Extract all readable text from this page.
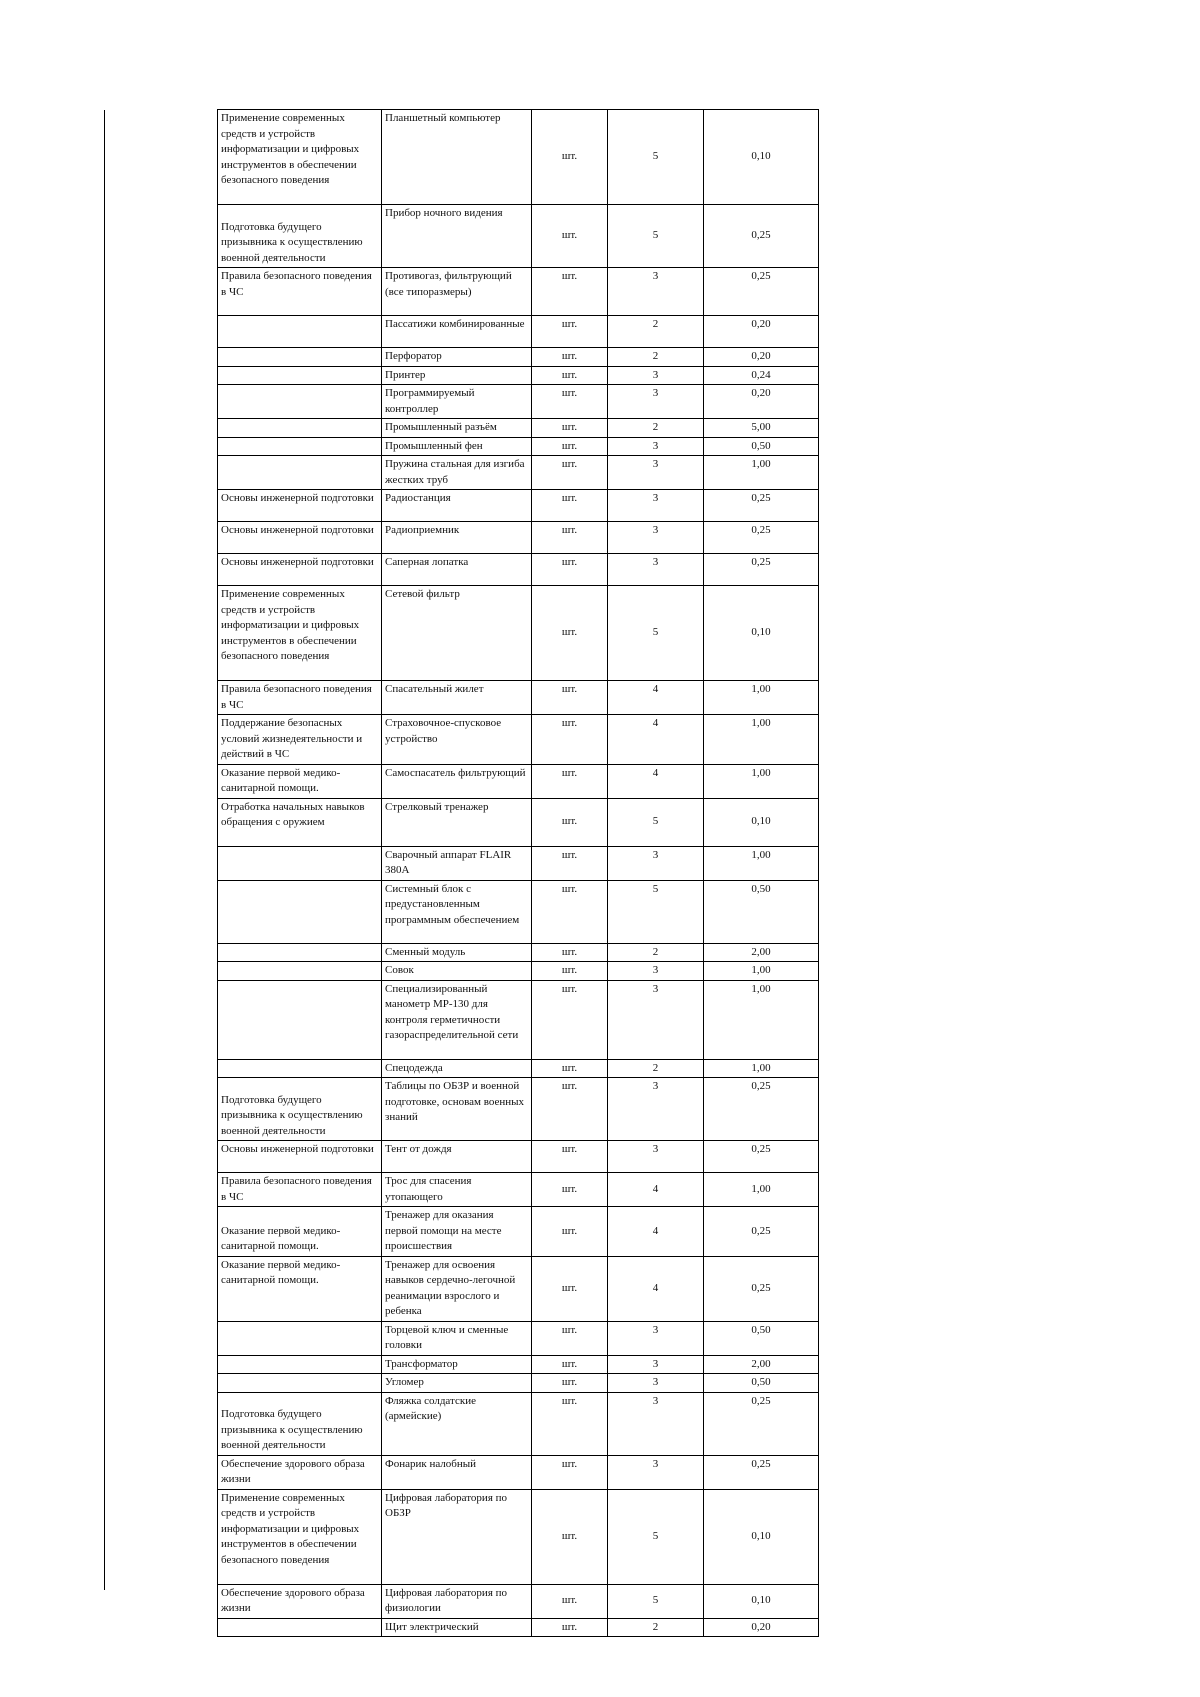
Применение современных средств и устройств информатизации и цифровых инструментов в обеспечении безопасного поведения	Планшетный компьютер	шт.	5	0,10
Подготовка будущего призывника к осуществлению военной деятельности	Прибор ночного видения	шт.	5	0,25
Правила безопасного поведения в ЧС	Противогаз, фильтрующий (все типоразмеры)	шт.	3	0,25
	Пассатижи комбинированные	шт.	2	0,20
	Перфоратор	шт.	2	0,20
	Принтер	шт.	3	0,24
	Программируемый контроллер	шт.	3	0,20
	Промышленный разъём	шт.	2	5,00
	Промышленный фен	шт.	3	0,50
	Пружина стальная для изгиба жестких труб	шт.	3	1,00
Основы инженерной подготовки	Радиостанция	шт.	3	0,25
Основы инженерной подготовки	Радиоприемник	шт.	3	0,25
Основы инженерной подготовки	Саперная лопатка	шт.	3	0,25
Применение современных средств и устройств информатизации и цифровых инструментов в обеспечении безопасного поведения	Сетевой фильтр	шт.	5	0,10
Правила безопасного поведения в ЧС	Спасательный жилет	шт.	4	1,00
Поддержание безопасных условий жизнедеятельности и действий в ЧС	Страховочное-спусковое устройство	шт.	4	1,00
Оказание первой медико-санитарной помощи.	Самоспасатель фильтрующий	шт.	4	1,00
Отработка начальных навыков обращения с оружием	Стрелковый тренажер	шт.	5	0,10
	Сварочный аппарат FLAIR 380A	шт.	3	1,00
	Системный блок с предустановленным программным обеспечением	шт.	5	0,50
	Сменный модуль	шт.	2	2,00
	Совок	шт.	3	1,00
	Специализированный манометр МР-130 для контроля герметичности газораспределительной сети	шт.	3	1,00
	Спецодежда	шт.	2	1,00
Подготовка будущего призывника к осуществлению военной деятельности	Таблицы по ОБЗР и военной подготовке, основам военных знаний	шт.	3	0,25
Основы инженерной подготовки	Тент от дождя	шт.	3	0,25
Правила безопасного поведения в ЧС	Трос для спасения утопающего	шт.	4	1,00
Оказание первой медико-санитарной помощи.	Тренажер для оказания первой помощи на месте происшествия	шт.	4	0,25
Оказание первой медико-санитарной помощи.	Тренажер для освоения навыков сердечно-легочной реанимации взрослого и ребенка	шт.	4	0,25
	Торцевой ключ и сменные головки	шт.	3	0,50
	Трансформатор	шт.	3	2,00
	Угломер	шт.	3	0,50
Подготовка будущего призывника к осуществлению военной деятельности	Фляжка солдатские (армейские)	шт.	3	0,25
Обеспечение здорового образа жизни	Фонарик налобный	шт.	3	0,25
Применение современных средств и устройств информатизации и цифровых инструментов в обеспечении безопасного поведения	Цифровая лаборатория по ОБЗР	шт.	5	0,10
Обеспечение здорового образа жизни	Цифровая лаборатория по физиологии	шт.	5	0,10
	Щит электрический	шт.	2	0,20
